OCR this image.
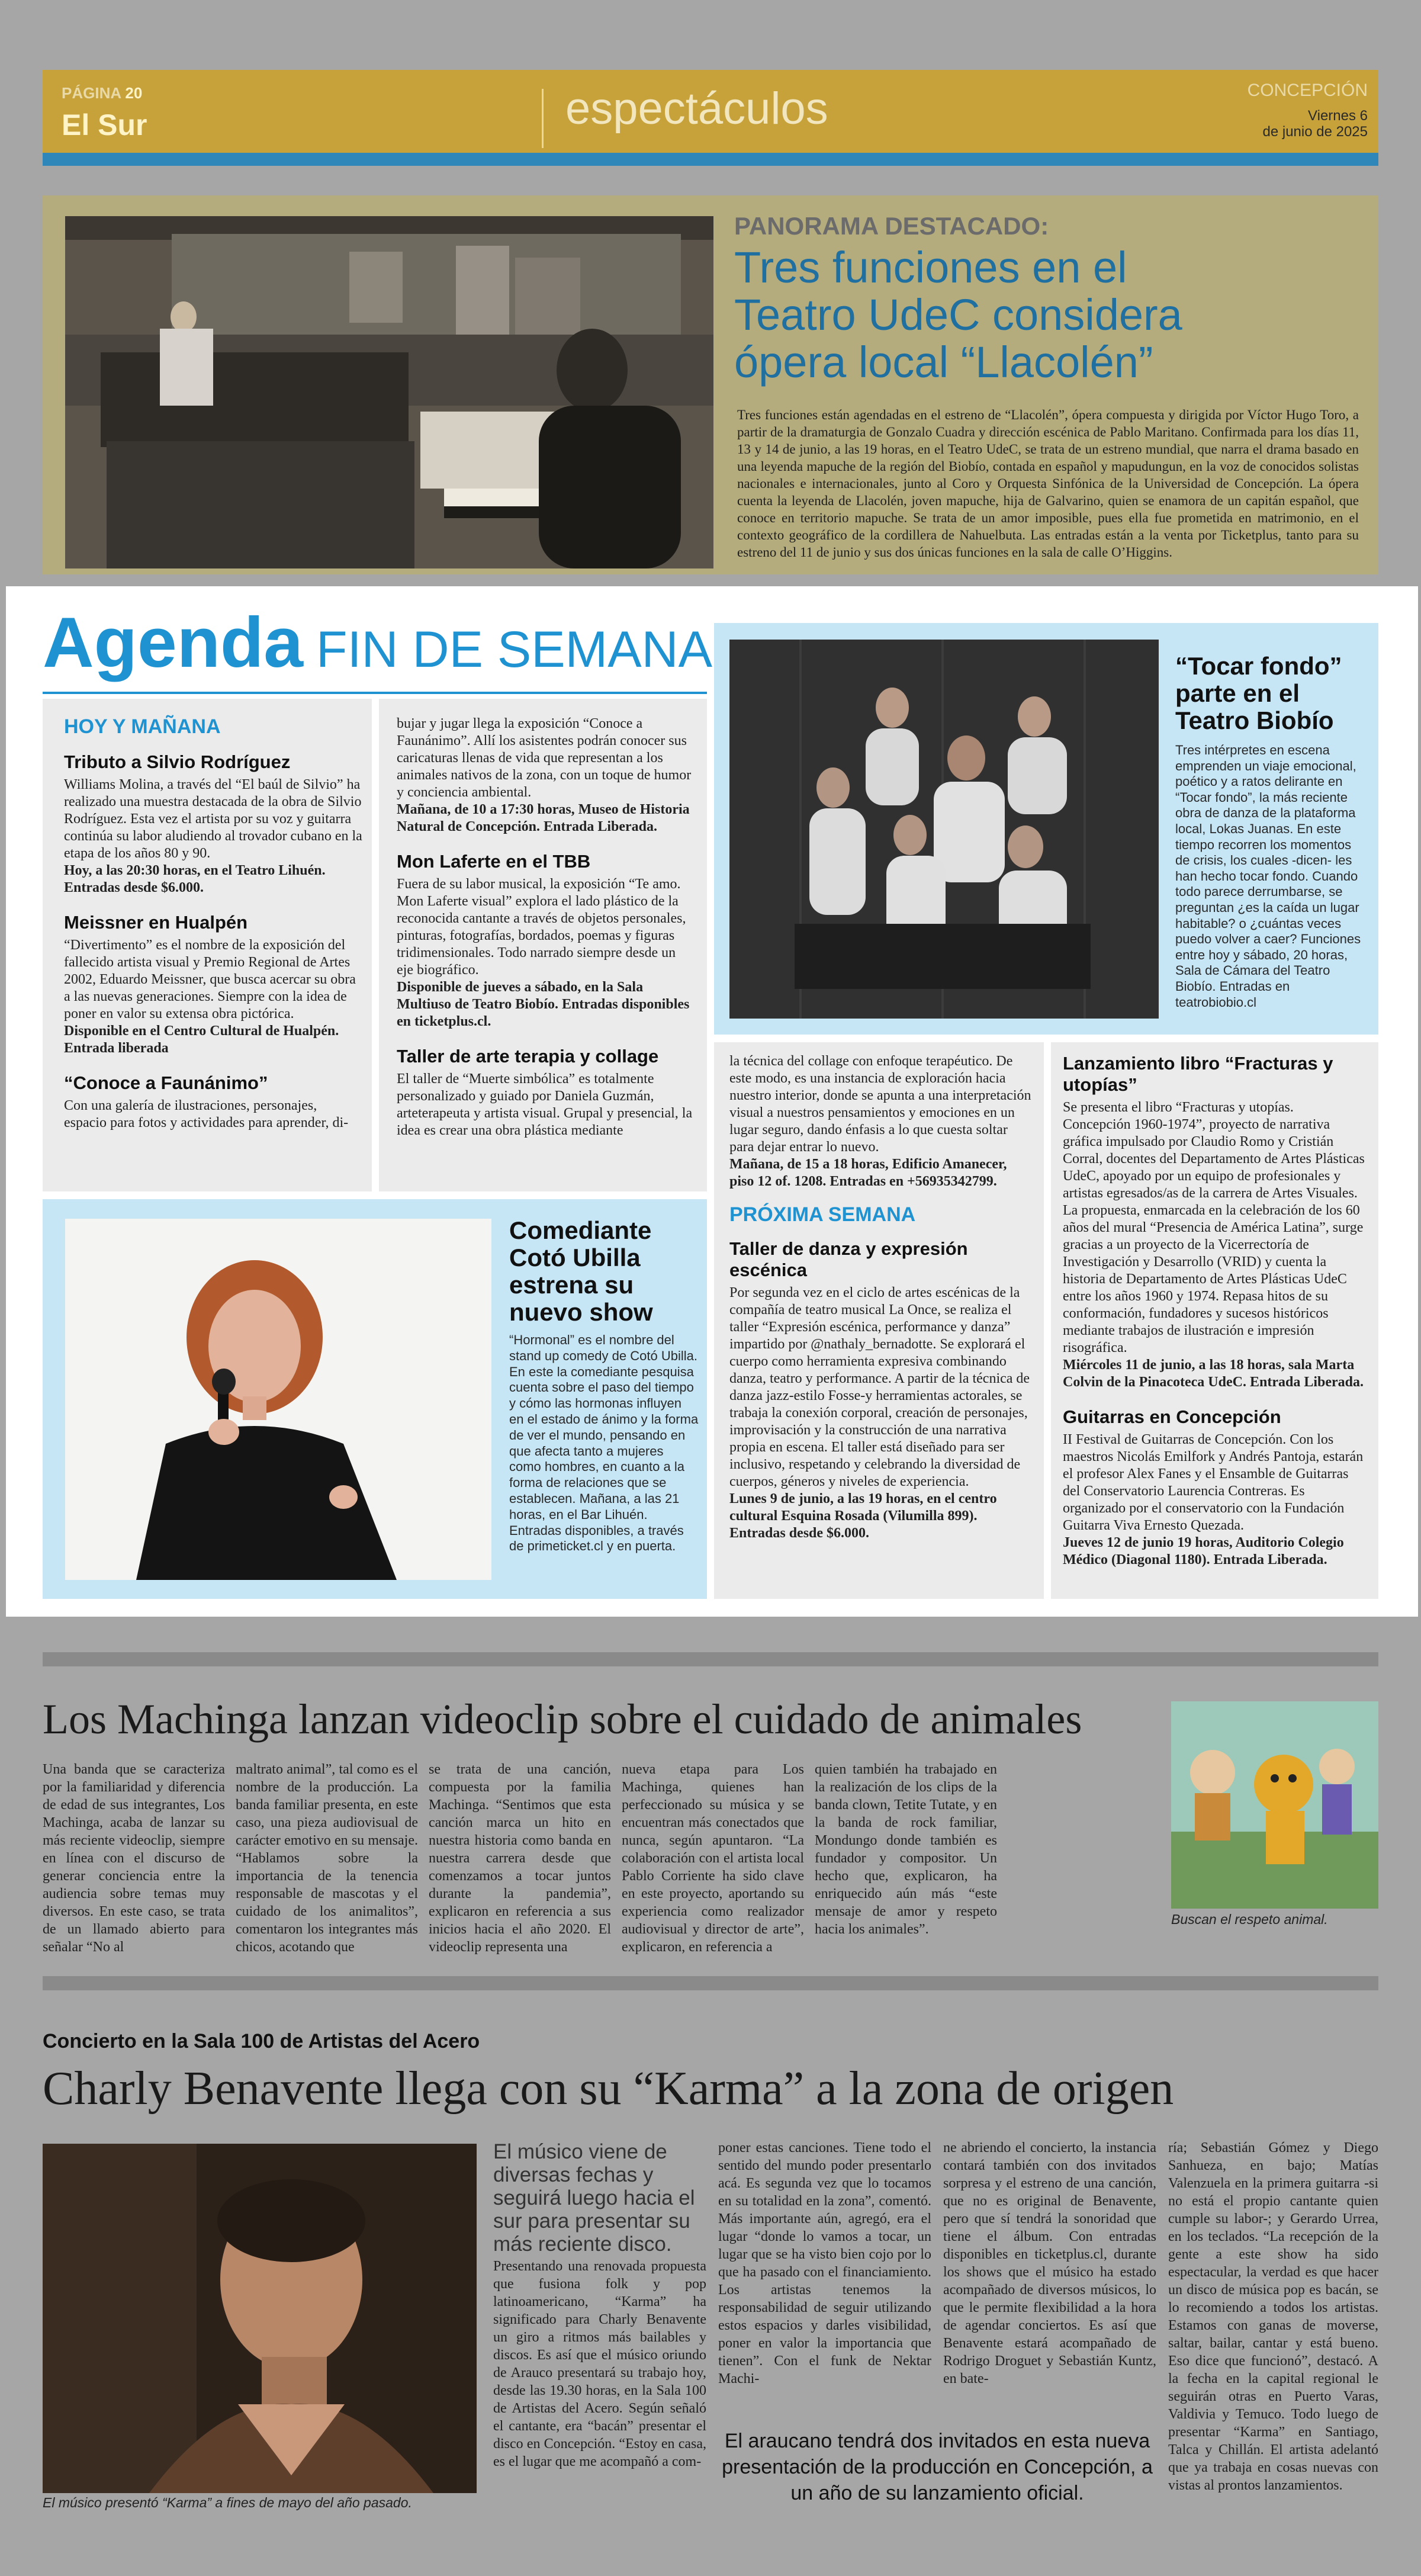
PÁGINA 20
El Sur	espectáculos	CONCEPCIÓN
Viernes 6
de junio de 2025
PANORAMA DESTACADO:
Tres funciones en el
Teatro UdeC considera
ópera local “Llacolén”
Tres funciones están agendadas en el estreno de “Llacolén”, ópera compuesta y dirigida por Víctor Hugo Toro, a partir de la dramaturgia de Gonzalo Cuadra y dirección escénica de Pablo Maritano. Confirmada para los días 11, 13 y 14 de junio, a las 19 horas, en el Teatro UdeC, se trata de un estreno mundial, que narra el drama basado en una leyenda mapuche de la región del Biobío, contada en español y mapudungun, en la voz de conocidos solistas nacionales e internacionales, junto al Coro y Orquesta Sinfónica de la Universidad de Concepción. La ópera cuenta la leyenda de Llacolén, joven mapuche, hija de Galvarino, quien se enamora de un capitán español, que conoce en territorio mapuche. Se trata de un amor imposible, pues ella fue prometida en matrimonio, en el contexto geográfico de la cordillera de Nahuelbuta. Las entradas están a la venta por Ticketplus, tanto para su estreno del 11 de junio y sus dos únicas funciones en la sala de calle O’Higgins.
Agenda FIN DE SEMANA
HOY Y MAÑANA
Tributo a Silvio Rodríguez
Williams Molina, a través del “El baúl de Silvio” ha realizado una muestra destacada de la obra de Silvio Rodríguez. Esta vez el artista por su voz y guitarra continúa su labor aludiendo al trovador cubano en la etapa de los años 80 y 90.
Hoy, a las 20:30 horas, en el Teatro Lihuén. Entradas desde $6.000.
Meissner en Hualpén
“Divertimento” es el nombre de la exposición del fallecido artista visual y Premio Regional de Artes 2002, Eduardo Meissner, que busca acercar su obra a las nuevas generaciones. Siempre con la idea de poner en valor su extensa obra pictórica.
Disponible en el Centro Cultural de Hualpén. Entrada liberada
“Conoce a Faunánimo”
Con una galería de ilustraciones, personajes, espacio para fotos y actividades para aprender, di-
bujar y jugar llega la exposición “Conoce a Faunánimo”. Allí los asistentes podrán conocer sus caricaturas llenas de vida que representan a los animales nativos de la zona, con un toque de humor y conciencia ambiental.
Mañana, de 10 a 17:30 horas, Museo de Historia Natural de Concepción. Entrada Liberada.
Mon Laferte en el TBB
Fuera de su labor musical, la exposición “Te amo. Mon Laferte visual” explora el lado plástico de la reconocida cantante a través de objetos personales, pinturas, fotografías, bordados, poemas y figuras tridimensionales. Todo narrado siempre desde un eje biográfico.
Disponible de jueves a sábado, en la Sala Multiuso de Teatro Biobío. Entradas disponibles en ticketplus.cl.
Taller de arte terapia y collage
El taller de “Muerte simbólica” es totalmente personalizado y guiado por Daniela Guzmán, arteterapeuta y artista visual. Grupal y presencial, la idea es crear una obra plástica mediante
“Tocar fondo”
parte en el
Teatro Biobío
Tres intérpretes en escena emprenden un viaje emocional, poético y a ratos delirante en “Tocar fondo”, la más reciente obra de danza de la plataforma local, Lokas Juanas. En este tiempo recorren los momentos de crisis, los cuales -dicen- les han hecho tocar fondo. Cuando todo parece derrumbarse, se preguntan ¿es la caída un lugar habitable? o ¿cuántas veces puedo volver a caer? Funciones entre hoy y sábado, 20 horas, Sala de Cámara del Teatro Biobío. Entradas en teatrobiobio.cl
la técnica del collage con enfoque terapéutico. De este modo, es una instancia de exploración hacia nuestro interior, donde se apunta a una interpretación visual a nuestros pensamientos y emociones en un lugar seguro, dando énfasis a lo que cuesta soltar para dejar entrar lo nuevo.
Mañana, de 15 a 18 horas, Edificio Amanecer, piso 12 of. 1208. Entradas en +56935342799.
PRÓXIMA SEMANA
Taller de danza y expresión escénica
Por segunda vez en el ciclo de artes escénicas de la compañía de teatro musical La Once, se realiza el taller “Expresión escénica, performance y danza” impartido por @nathaly_bernadotte. Se explorará el cuerpo como herramienta expresiva combinando danza, teatro y performance. A partir de la técnica de danza jazz-estilo Fosse-y herramientas actorales, se trabaja la conexión corporal, creación de personajes, improvisación y la construcción de una narrativa propia en escena. El taller está diseñado para ser inclusivo, respetando y celebrando la diversidad de cuerpos, géneros y niveles de experiencia.
Lunes 9 de junio, a las 19 horas, en el centro cultural Esquina Rosada (Vilumilla 899). Entradas desde $6.000.
Lanzamiento libro “Fracturas y utopías”
Se presenta el libro “Fracturas y utopías. Concepción 1960-1974”, proyecto de narrativa gráfica impulsado por Claudio Romo y Cristián Corral, docentes del Departamento de Artes Plásticas UdeC, apoyado por un equipo de profesionales y artistas egresados/as de la carrera de Artes Visuales. La propuesta, enmarcada en la celebración de los 60 años del mural “Presencia de América Latina”, surge gracias a un proyecto de la Vicerrectoría de Investigación y Desarrollo (VRID) y cuenta la historia de Departamento de Artes Plásticas UdeC entre los años 1960 y 1974. Repasa hitos de su conformación, fundadores y sucesos históricos mediante trabajos de ilustración e impresión risográfica.
Miércoles 11 de junio, a las 18 horas, sala Marta Colvin de la Pinacoteca UdeC. Entrada Liberada.
Guitarras en Concepción
II Festival de Guitarras de Concepción. Con los maestros Nicolás Emilfork y Andrés Pantoja, estarán el profesor Alex Fanes y el Ensamble de Guitarras del Conservatorio Laurencia Contreras. Es organizado por el conservatorio con la Fundación Guitarra Viva Ernesto Quezada.
Jueves 12 de junio 19 horas, Auditorio Colegio Médico (Diagonal 1180). Entrada Liberada.
Comediante
Cotó Ubilla
estrena su
nuevo show
“Hormonal” es el nombre del stand up comedy de Cotó Ubilla. En este la comediante pesquisa cuenta sobre el paso del tiempo y cómo las hormonas influyen en el estado de ánimo y la forma de ver el mundo, pensando en que afecta tanto a mujeres como hombres, en cuanto a la forma de relaciones que se establecen. Mañana, a las 21 horas, en el Bar Lihuén. Entradas disponibles, a través de primeticket.cl y en puerta.
Los Machinga lanzan videoclip sobre el cuidado de animales
Una banda que se caracteriza por la familiaridad y diferencia de edad de sus integrantes, Los Machinga, acaba de lanzar su más reciente videoclip, siempre en línea con el discurso de generar conciencia entre la audiencia sobre temas muy diversos. En este caso, se trata de un llamado abierto para señalar “No al
maltrato animal”, tal como es el nombre de la producción. La banda familiar presenta, en este caso, una pieza audiovisual de carácter emotivo en su mensaje. “Hablamos sobre la importancia de la tenencia responsable de mascotas y el cuidado de los animalitos”, comentaron los integrantes más chicos, acotando que
se trata de una canción, compuesta por la familia Machinga. “Sentimos que esta canción marca un hito en nuestra historia como banda en nuestra carrera desde que comenzamos a tocar juntos durante la pandemia”, explicaron en referencia a sus inicios hacia el año 2020. El videoclip representa una
nueva etapa para Los Machinga, quienes han perfeccionado su música y se encuentran más conectados que nunca, según apuntaron. “La colaboración con el artista local Pablo Corriente ha sido clave en este proyecto, aportando su experiencia como realizador audiovisual y director de arte”, explicaron, en referencia a
quien también ha trabajado en la realización de los clips de la banda clown, Tetite Tutate, y en la banda de rock familiar, Mondungo donde también es fundador y compositor. Un hecho que, explicaron, ha enriquecido aún más “este mensaje de amor y respeto hacia los animales”.
Buscan el respeto animal.
Concierto en la Sala 100 de Artistas del Acero
Charly Benavente llega con su “Karma” a la zona de origen
El músico presentó “Karma” a fines de mayo del año pasado.
El músico viene de diversas fechas y seguirá luego hacia el sur para presentar su más reciente disco.
Presentando una renovada propuesta que fusiona folk y pop latinoamericano, “Karma” ha significado para Charly Benavente un giro a ritmos más bailables y discos. Es así que el músico oriundo de Arauco presentará su trabajo hoy, desde las 19.30 horas, en la Sala 100 de Artistas del Acero. Según señaló el cantante, era “bacán” presentar el disco en Concepción. “Estoy en casa, es el lugar que me acompañó a com-
poner estas canciones. Tiene todo el sentido del mundo poder presentarlo acá. Es segunda vez que lo tocamos en su totalidad en la zona”, comentó. Más importante aún, agregó, era el lugar “donde lo vamos a tocar, un lugar que se ha visto bien cojo por lo que ha pasado con el financiamiento. Los artistas tenemos la responsabilidad de seguir utilizando estos espacios y darles visibilidad, poner en valor la importancia que tienen”. Con el funk de Nektar Machi-
ne abriendo el concierto, la instancia contará también con dos invitados sorpresa y el estreno de una canción, que no es original de Benavente, pero que sí tendrá la sonoridad que tiene el álbum. Con entradas disponibles en ticketplus.cl, durante los shows que el músico ha estado acompañado de diversos músicos, lo que le permite flexibilidad a la hora de agendar conciertos. Es así que Benavente estará acompañado de Rodrigo Droguet y Sebastián Kuntz, en bate-
ría; Sebastián Gómez y Diego Sanhueza, en bajo; Matías Valenzuela en la primera guitarra -si no está el propio cantante quien cumple su labor-; y Gerardo Urrea, en los teclados. “La recepción de la gente a este show ha sido espectacular, la verdad es que hacer un disco de música pop es bacán, se lo recomiendo a todos los artistas. Estamos con ganas de moverse, saltar, bailar, cantar y está bueno. Eso dice que funcionó”, destacó. A la fecha en la capital regional le seguirán otras en Puerto Varas, Valdivia y Temuco. Todo luego de presentar “Karma” en Santiago, Talca y Chillán. El artista adelantó que ya trabaja en cosas nuevas con vistas al prontos lanzamientos.
El araucano tendrá dos invitados en esta nueva presentación de la producción en Concepción, a un año de su lanzamiento oficial.
